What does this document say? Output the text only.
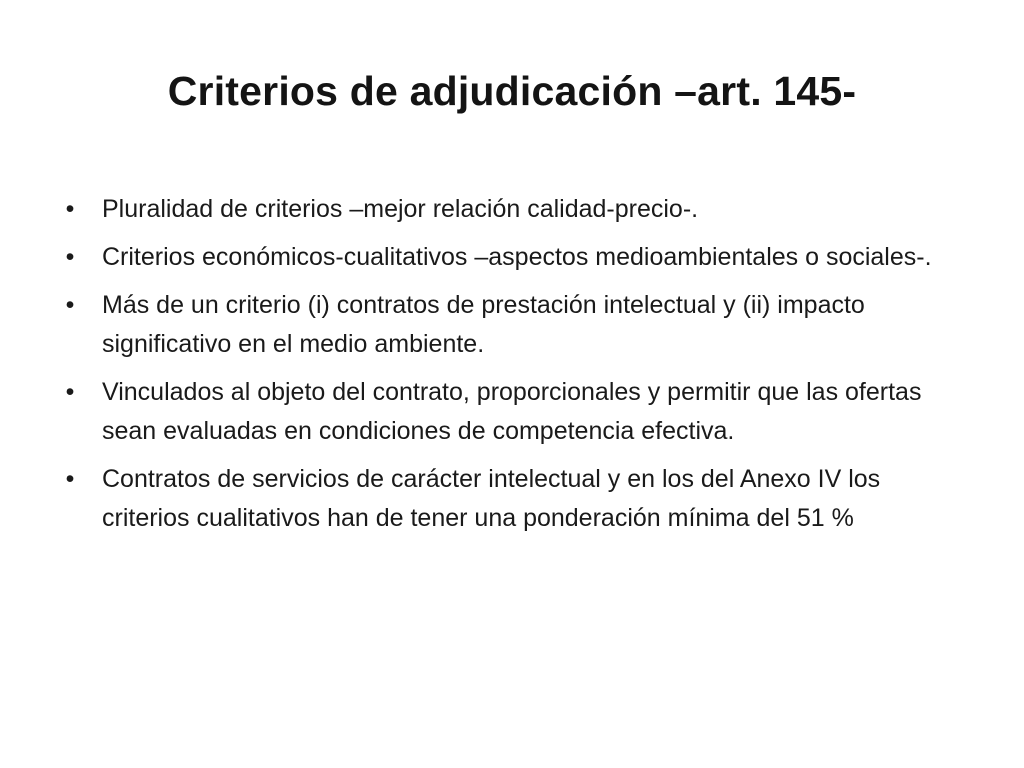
Criterios de adjudicación –art. 145-
• Pluralidad de criterios –mejor relación calidad-precio-.
• Criterios económicos-cualitativos –aspectos medioambientales o sociales-.
• Más de un criterio (i) contratos de prestación intelectual y (ii) impacto significativo en el medio ambiente.
• Vinculados al objeto del contrato, proporcionales y permitir que las ofertas sean evaluadas en condiciones de competencia efectiva.
• Contratos de servicios de carácter intelectual y en los del Anexo IV los criterios cualitativos han de tener una ponderación mínima del 51 %
